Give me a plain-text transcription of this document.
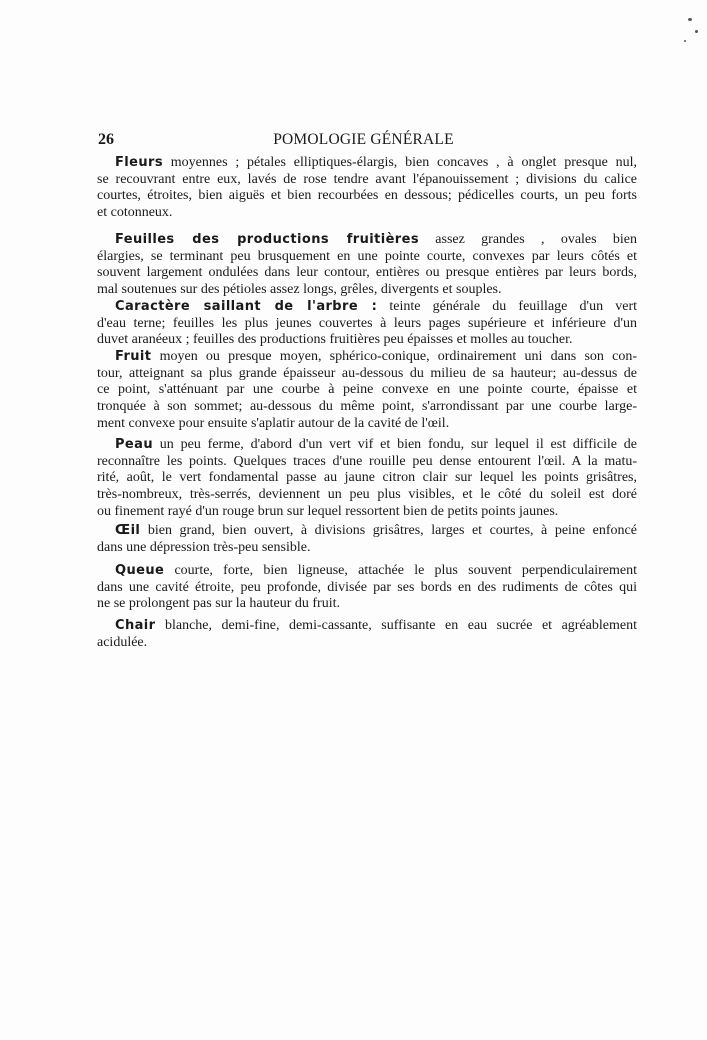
26	POMOLOGIE GÉNÉRALE
Fleurs moyennes ; pétales elliptiques-élargis, bien concaves , à onglet presque nul,
se recouvrant entre eux, lavés de rose tendre avant l'épanouissement ; divisions du calice
courtes, étroites, bien aiguës et bien recourbées en dessous; pédicelles courts, un peu forts
et cotonneux.
Feuilles des productions fruitières assez grandes , ovales bien
élargies, se terminant peu brusquement en une pointe courte, convexes par leurs côtés et
souvent largement ondulées dans leur contour, entières ou presque entières par leurs bords,
mal soutenues sur des pétioles assez longs, grêles, divergents et souples.
Caractère saillant de l'arbre : teinte générale du feuillage d'un vert
d'eau terne; feuilles les plus jeunes couvertes à leurs pages supérieure et inférieure d'un
duvet aranéeux ; feuilles des productions fruitières peu épaisses et molles au toucher.
Fruit moyen ou presque moyen, sphérico-conique, ordinairement uni dans son con-
tour, atteignant sa plus grande épaisseur au-dessous du milieu de sa hauteur; au-dessus de
ce point, s'atténuant par une courbe à peine convexe en une pointe courte, épaisse et
tronquée à son sommet; au-dessous du même point, s'arrondissant par une courbe large-
ment convexe pour ensuite s'aplatir autour de la cavité de l'œil.
Peau un peu ferme, d'abord d'un vert vif et bien fondu, sur lequel il est difficile de
reconnaître les points. Quelques traces d'une rouille peu dense entourent l'œil. A la matu-
rité, août, le vert fondamental passe au jaune citron clair sur lequel les points grisâtres,
très-nombreux, très-serrés, deviennent un peu plus visibles, et le côté du soleil est doré
ou finement rayé d'un rouge brun sur lequel ressortent bien de petits points jaunes.
Œil bien grand, bien ouvert, à divisions grisâtres, larges et courtes, à peine enfoncé
dans une dépression très-peu sensible.
Queue courte, forte, bien ligneuse, attachée le plus souvent perpendiculairement
dans une cavité étroite, peu profonde, divisée par ses bords en des rudiments de côtes qui
ne se prolongent pas sur la hauteur du fruit.
Chair blanche, demi-fine, demi-cassante, suffisante en eau sucrée et agréablement
acidulée.
